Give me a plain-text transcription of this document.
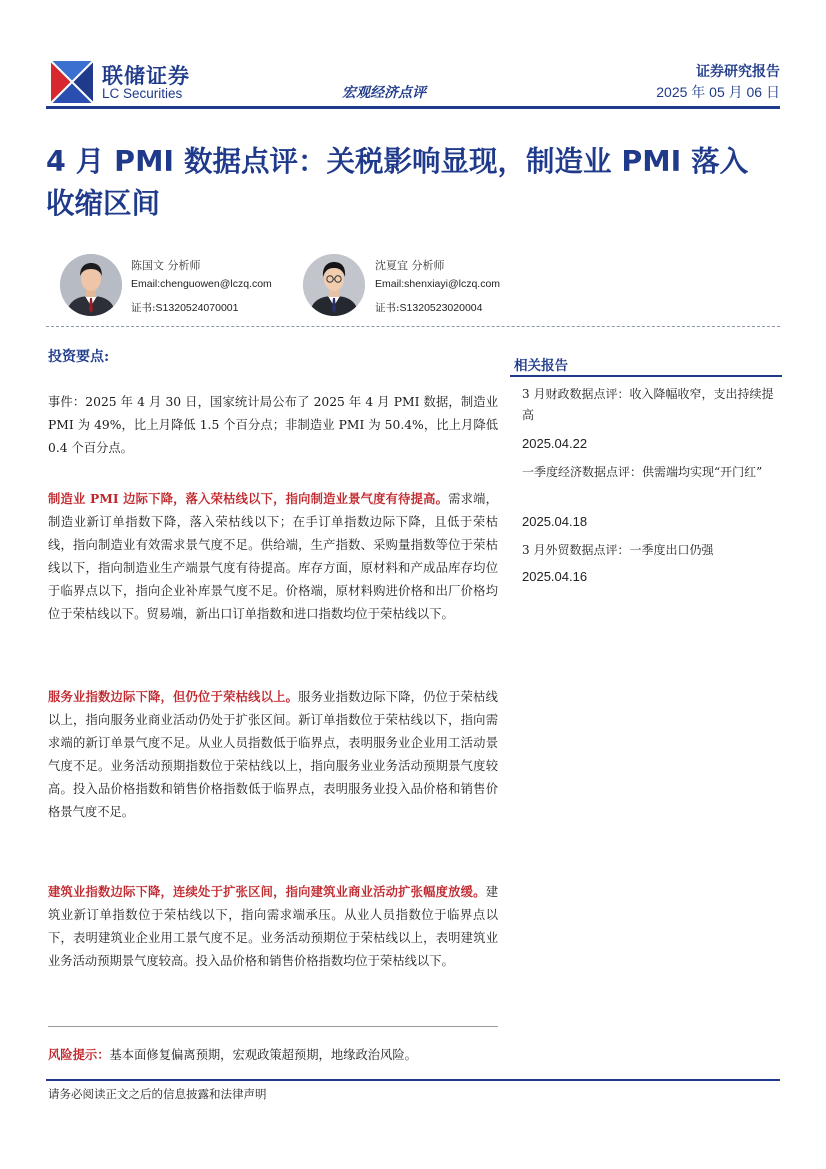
联储证券
LC Securities	宏观经济点评
证券研究报告
2025 年 05 月 06 日
4 月 PMI 数据点评：关税影响显现，制造业 PMI 落入收缩区间
陈国文 分析师
Email:chenguowen@lczq.com
证书:S1320524070001
沈夏宜 分析师
Email:shenxiayi@lczq.com
证书:S1320523020004
投资要点:

事件：2025 年 4 月 30 日，国家统计局公布了 2025 年 4 月 PMI 数据，制造业 PMI 为 49%，比上月降低 1.5 个百分点；非制造业 PMI 为 50.4%，比上月降低 0.4 个百分点。

制造业 PMI 边际下降，落入荣枯线以下，指向制造业景气度有待提高。需求端，制造业新订单指数下降，落入荣枯线以下；在手订单指数边际下降，且低于荣枯线，指向制造业有效需求景气度不足。供给端，生产指数、采购量指数等位于荣枯线以下，指向制造业生产端景气度有待提高。库存方面，原材料和产成品库存均位于临界点以下，指向企业补库景气度不足。价格端，原材料购进价格和出厂价格均位于荣枯线以下。贸易端，新出口订单指数和进口指数均位于荣枯线以下。

服务业指数边际下降，但仍位于荣枯线以上。服务业指数边际下降，仍位于荣枯线以上，指向服务业商业活动仍处于扩张区间。新订单指数位于荣枯线以下，指向需求端的新订单景气度不足。从业人员指数低于临界点，表明服务业企业用工活动景气度不足。业务活动预期指数位于荣枯线以上，指向服务业业务活动预期景气度较高。投入品价格指数和销售价格指数低于临界点，表明服务业投入品价格和销售价格景气度不足。

建筑业指数边际下降，连续处于扩张区间，指向建筑业商业活动扩张幅度放缓。建筑业新订单指数位于荣枯线以下，指向需求端承压。从业人员指数位于临界点以下，表明建筑业企业用工景气度不足。业务活动预期位于荣枯线以上，表明建筑业业务活动预期景气度较高。投入品价格和销售价格指数均位于荣枯线以下。

风险提示：基本面修复偏离预期，宏观政策超预期，地缘政治风险。

相关报告
3 月财政数据点评：收入降幅收窄，支出持续提高
2025.04.22
一季度经济数据点评：供需端均实现“开门红”
2025.04.18
3 月外贸数据点评：一季度出口仍强
2025.04.16
请务必阅读正文之后的信息披露和法律声明
